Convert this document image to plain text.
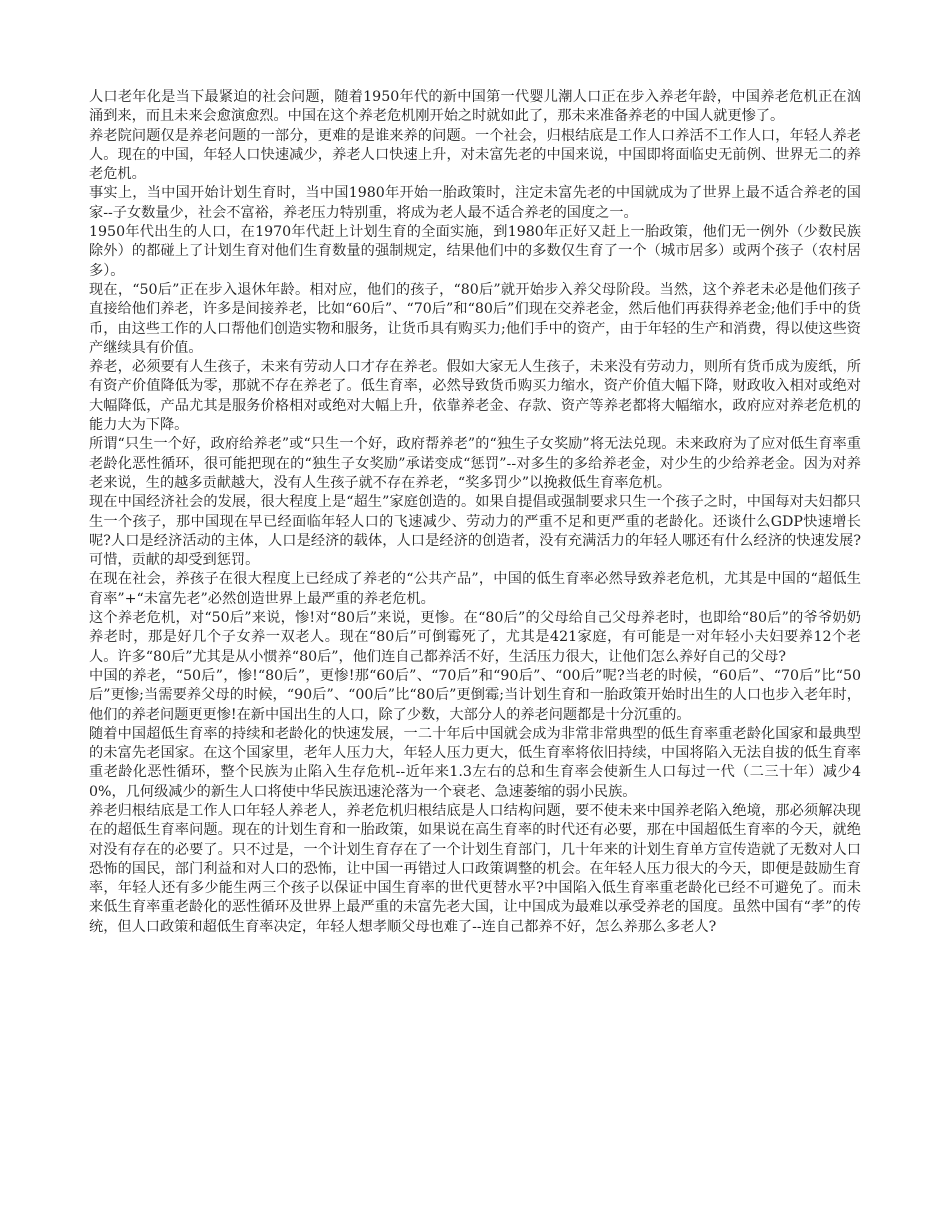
人口老年化是当下最紧迫的社会问题，随着1950年代的新中国第一代婴儿潮人口正在步入养老年龄，中国养老危机正在汹涌到来，而且未来会愈演愈烈。中国在这个养老危机刚开始之时就如此了，那未来准备养老的中国人就更惨了。

养老院问题仅是养老问题的一部分，更难的是谁来养的问题。一个社会，归根结底是工作人口养活不工作人口，年轻人养老人。现在的中国，年轻人口快速减少，养老人口快速上升，对未富先老的中国来说，中国即将面临史无前例、世界无二的养老危机。

事实上，当中国开始计划生育时，当中国1980年开始一胎政策时，注定未富先老的中国就成为了世界上最不适合养老的国家--子女数量少，社会不富裕，养老压力特别重，将成为老人最不适合养老的国度之一。

1950年代出生的人口，在1970年代赶上计划生育的全面实施，到1980年正好又赶上一胎政策，他们无一例外（少数民族除外）的都碰上了计划生育对他们生育数量的强制规定，结果他们中的多数仅生育了一个（城市居多）或两个孩子（农村居多）。

现在，“50后”正在步入退休年龄。相对应，他们的孩子，“80后”就开始步入养父母阶段。当然，这个养老未必是他们孩子直接给他们养老，许多是间接养老，比如“60后”、“70后”和“80后”们现在交养老金，然后他们再获得养老金;他们手中的货币，由这些工作的人口帮他们创造实物和服务，让货币具有购买力;他们手中的资产，由于年轻的生产和消费，得以使这些资产继续具有价值。

养老，必须要有人生孩子，未来有劳动人口才存在养老。假如大家无人生孩子，未来没有劳动力，则所有货币成为废纸，所有资产价值降低为零，那就不存在养老了。低生育率，必然导致货币购买力缩水，资产价值大幅下降，财政收入相对或绝对大幅降低，产品尤其是服务价格相对或绝对大幅上升，依靠养老金、存款、资产等养老都将大幅缩水，政府应对养老危机的能力大为下降。

所谓“只生一个好，政府给养老”或“只生一个好，政府帮养老”的“独生子女奖励”将无法兑现。未来政府为了应对低生育率重老龄化恶性循环，很可能把现在的“独生子女奖励”承诺变成“惩罚”--对多生的多给养老金，对少生的少给养老金。因为对养老来说，生的越多贡献越大，没有人生孩子就不存在养老，“奖多罚少”以挽救低生育率危机。

现在中国经济社会的发展，很大程度上是“超生”家庭创造的。如果自提倡或强制要求只生一个孩子之时，中国每对夫妇都只生一个孩子，那中国现在早已经面临年轻人口的飞速减少、劳动力的严重不足和更严重的老龄化。还谈什么GDP快速增长呢?人口是经济活动的主体，人口是经济的载体，人口是经济的创造者，没有充满活力的年轻人哪还有什么经济的快速发展?可惜，贡献的却受到惩罚。

在现在社会，养孩子在很大程度上已经成了养老的“公共产品”，中国的低生育率必然导致养老危机，尤其是中国的“超低生育率”+“未富先老”必然创造世界上最严重的养老危机。

这个养老危机，对“50后”来说，惨!对“80后”来说，更惨。在“80后”的父母给自己父母养老时，也即给“80后”的爷爷奶奶养老时，那是好几个子女养一双老人。现在“80后”可倒霉死了，尤其是421家庭，有可能是一对年轻小夫妇要养12个老人。许多“80后”尤其是从小惯养“80后”，他们连自己都养活不好，生活压力很大，让他们怎么养好自己的父母?

中国的养老，“50后”，惨!“80后”，更惨!那“60后”、“70后”和“90后”、“00后”呢?当老的时候，“60后”、“70后”比“50后”更惨;当需要养父母的时候，“90后”、“00后”比“80后”更倒霉;当计划生育和一胎政策开始时出生的人口也步入老年时，他们的养老问题更更惨!在新中国出生的人口，除了少数，大部分人的养老问题都是十分沉重的。

随着中国超低生育率的持续和老龄化的快速发展，一二十年后中国就会成为非常非常典型的低生育率重老龄化国家和最典型的未富先老国家。在这个国家里，老年人压力大，年轻人压力更大，低生育率将依旧持续，中国将陷入无法自拔的低生育率重老龄化恶性循环，整个民族为止陷入生存危机--近年来1.3左右的总和生育率会使新生人口每过一代（二三十年）减少40%，几何级减少的新生人口将使中华民族迅速沦落为一个衰老、急速萎缩的弱小民族。

养老归根结底是工作人口年轻人养老人，养老危机归根结底是人口结构问题，要不使未来中国养老陷入绝境，那必须解决现在的超低生育率问题。现在的计划生育和一胎政策，如果说在高生育率的时代还有必要，那在中国超低生育率的今天，就绝对没有存在的必要了。只不过是，一个计划生育存在了一个计划生育部门，几十年来的计划生育单方宣传造就了无数对人口恐怖的国民，部门利益和对人口的恐怖，让中国一再错过人口政策调整的机会。在年轻人压力很大的今天，即便是鼓励生育率，年轻人还有多少能生两三个孩子以保证中国生育率的世代更替水平?中国陷入低生育率重老龄化已经不可避免了。而未来低生育率重老龄化的恶性循环及世界上最严重的未富先老大国，让中国成为最难以承受养老的国度。虽然中国有“孝”的传统，但人口政策和超低生育率决定，年轻人想孝顺父母也难了--连自己都养不好，怎么养那么多老人?
